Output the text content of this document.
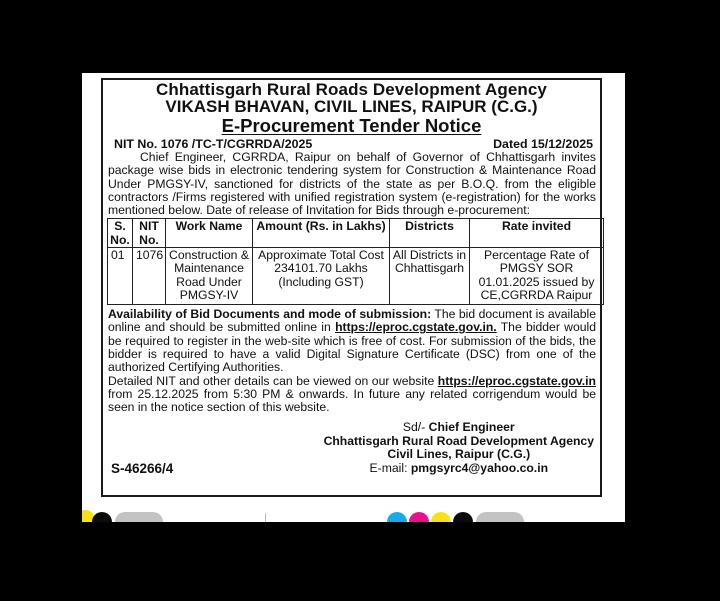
Chhattisgarh Rural Roads Development Agency
VIKASH BHAVAN, CIVIL LINES, RAIPUR (C.G.)
E-Procurement Tender Notice
NIT No. 1076 /TC-T/CGRRDA/2025	Dated 15/12/2025

Chief Engineer, CGRRDA, Raipur on behalf of Governor of Chhattisgarh invites package wise bids in electronic tendering system for Construction & Maintenance Road Under PMGSY-IV, sanctioned for districts of the state as per B.O.Q. from the eligible contractors /Firms registered with unified registration system (e-registration) for the works mentioned below. Date of release of Invitation for Bids through e-procurement:

S. No.	NIT No.	Work Name	Amount (Rs. in Lakhs)	Districts	Rate invited
01	1076	Construction & Maintenance Road Under PMGSY-IV	Approximate Total Cost 234101.70 Lakhs (Including GST)	All Districts in Chhattisgarh	Percentage Rate of PMGSY SOR 01.01.2025 issued by CE,CGRRDA Raipur

Availability of Bid Documents and mode of submission: The bid document is available online and should be submitted online in https://eproc.cgstate.gov.in. The bidder would be required to register in the web-site which is free of cost. For submission of the bids, the bidder is required to have a valid Digital Signature Certificate (DSC) from one of the authorized Certifying Authorities.

Detailed NIT and other details can be viewed on our website https://eproc.cgstate.gov.in from 25.12.2025 from 5:30 PM & onwards. In future any related corrigendum would be seen in the notice section of this website.

Sd/- Chief Engineer
Chhattisgarh Rural Road Development Agency
Civil Lines, Raipur (C.G.)
E-mail: pmgsyrc4@yahoo.co.in
S-46266/4
